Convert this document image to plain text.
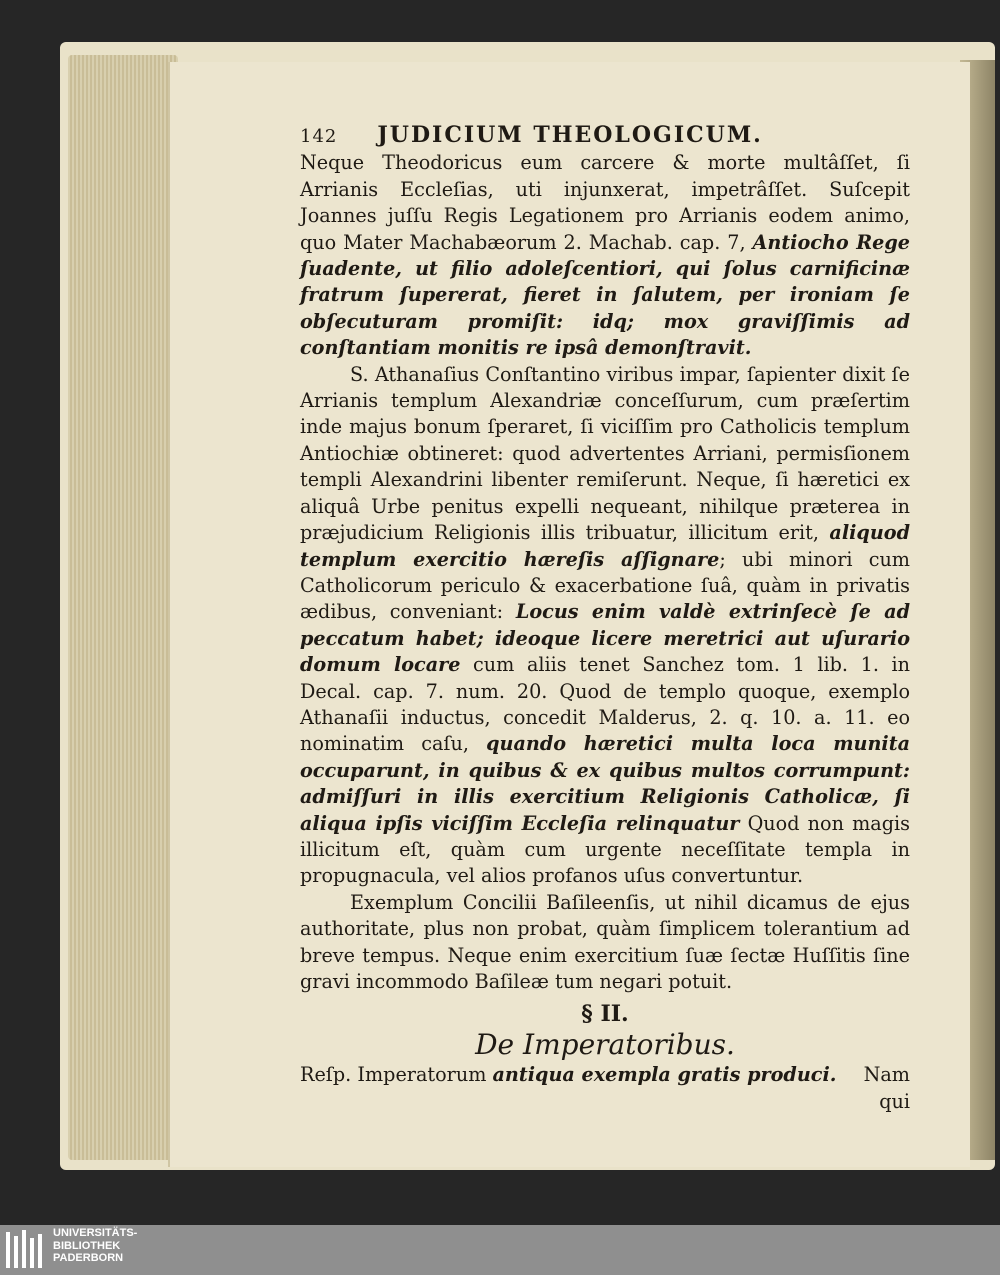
142 JUDICIUM THEOLOGICUM.

Neque Theodoricus eum carcere & morte multâſſet, ſi Arrianis Eccleſias, uti injunxerat, impetrâſſet. Suſcepit Joannes juſſu Regis Legationem pro Arrianis eodem animo, quo Mater Machabæorum 2. Machab. cap. 7, Antiocho Rege ſuadente, ut filio adoleſcentiori, qui ſolus carnificinæ fratrum ſupererat, fieret in ſalutem, per ironiam ſe obſecuturam promiſit: idq; mox graviſſimis ad conſtantiam monitis re ipsâ demonſtravit.

S. Athanaſius Conſtantino viribus impar, ſapienter dixit ſe Arrianis templum Alexandriæ conceſſurum, cum præſertim inde majus bonum ſperaret, ſi viciſſim pro Catholicis templum Antiochiæ obtineret: quod advertentes Arriani, permisſionem templi Alexandrini libenter remiſerunt. Neque, ſi hæretici ex aliquâ Urbe penitus expelli nequeant, nihilque præterea in præjudicium Religionis illis tribuatur, illicitum erit, aliquod templum exercitio hæreſis aſſignare; ubi minori cum Catholicorum periculo & exacerbatione ſuâ, quàm in privatis ædibus, conveniant: Locus enim valdè extrinſecè ſe ad peccatum habet; ideoque licere meretrici aut uſurario domum locare cum aliis tenet Sanchez tom. 1 lib. 1. in Decal. cap. 7. num. 20. Quod de templo quoque, exemplo Athanaſii inductus, concedit Malderus, 2. q. 10. a. 11. eo nominatim caſu, quando hæretici multa loca munita occuparunt, in quibus & ex quibus multos corrumpunt: admiſſuri in illis exercitium Religionis Catholicæ, ſi aliqua ipſis viciſſim Eccleſia relinquatur Quod non magis illicitum eſt, quàm cum urgente neceſſitate templa in propugnacula, vel alios profanos uſus convertuntur.

Exemplum Concilii Baſileenſis, ut nihil dicamus de ejus authoritate, plus non probat, quàm ſimplicem tolerantium ad breve tempus. Neque enim exercitium ſuæ ſectæ Huſſitis ſine gravi incommodo Baſileæ tum negari potuit.

§ II.
De Imperatoribus.
Reſp. Imperatorum antiqua exempla gratis produci. Nam
qui
UNIVERSITÄTS-
BIBLIOTHEK
PADERBORN
